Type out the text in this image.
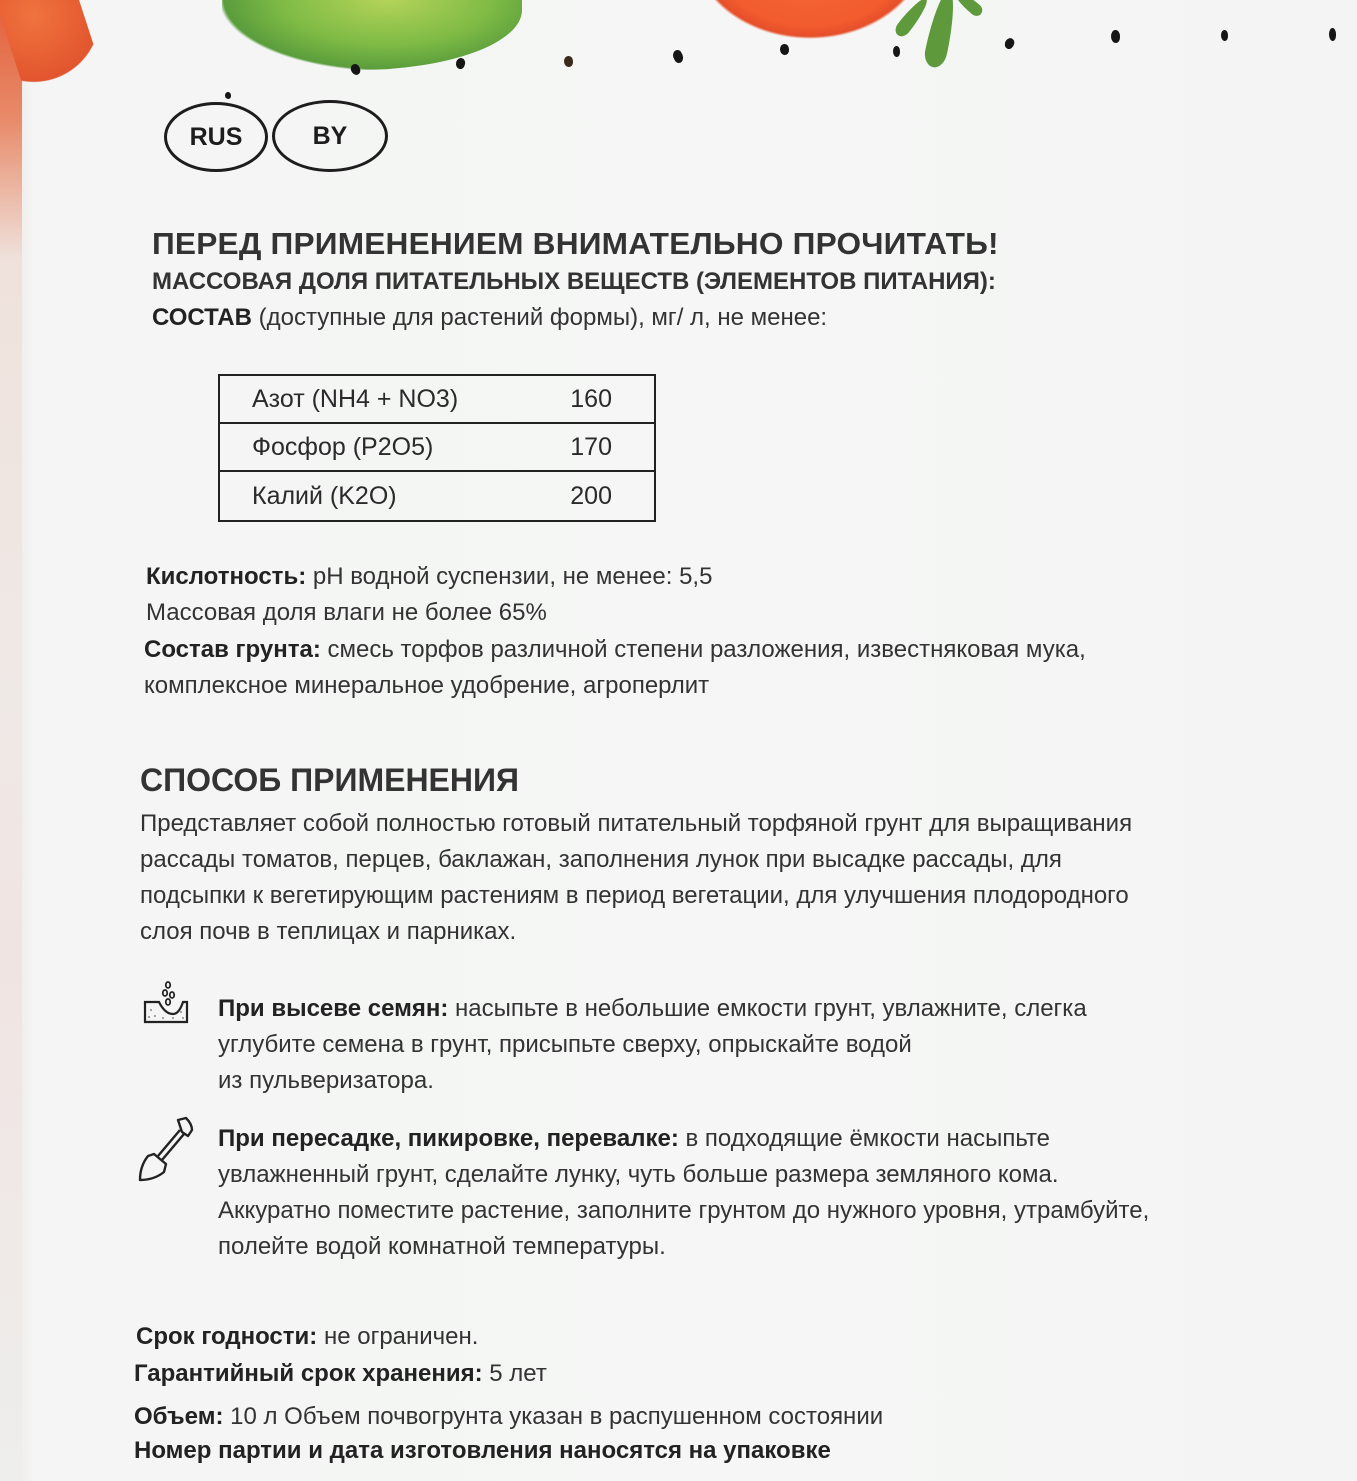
RUS	BY
ПЕРЕД ПРИМЕНЕНИЕМ ВНИМАТЕЛЬНО ПРОЧИТАТЬ!
МАССОВАЯ ДОЛЯ ПИТАТЕЛЬНЫХ ВЕЩЕСТВ (ЭЛЕМЕНТОВ ПИТАНИЯ):
СОСТАВ (доступные для растений формы), мг/ л, не менее:
Азот (NH4 + NO3)	160
Фосфор (P2O5)	170
Калий (K2O)	200
Кислотность: pH водной суспензии, не менее: 5,5
Массовая доля влаги не более 65%
Состав грунта: смесь торфов различной степени разложения, известняковая мука,
комплексное минеральное удобрение, агроперлит
СПОСОБ ПРИМЕНЕНИЯ
Представляет собой полностью готовый питательный торфяной грунт для выращивания
рассады томатов, перцев, баклажан, заполнения лунок при высадке рассады, для
подсыпки к вегетирующим растениям в период вегетации, для улучшения плодородного
слоя почв в теплицах и парниках.
При высеве семян: насыпьте в небольшие емкости грунт, увлажните, слегка
углубите семена в грунт, присыпьте сверху, опрыскайте водой
из пульверизатора.
При пересадке, пикировке, перевалке: в подходящие ёмкости насыпьте
увлажненный грунт, сделайте лунку, чуть больше размера земляного кома.
Аккуратно поместите растение, заполните грунтом до нужного уровня, утрамбуйте,
полейте водой комнатной температуры.
Срок годности: не ограничен.
Гарантийный срок хранения: 5 лет
Объем: 10 л Объем почвогрунта указан в распушенном состоянии
Номер партии и дата изготовления наносятся на упаковке
